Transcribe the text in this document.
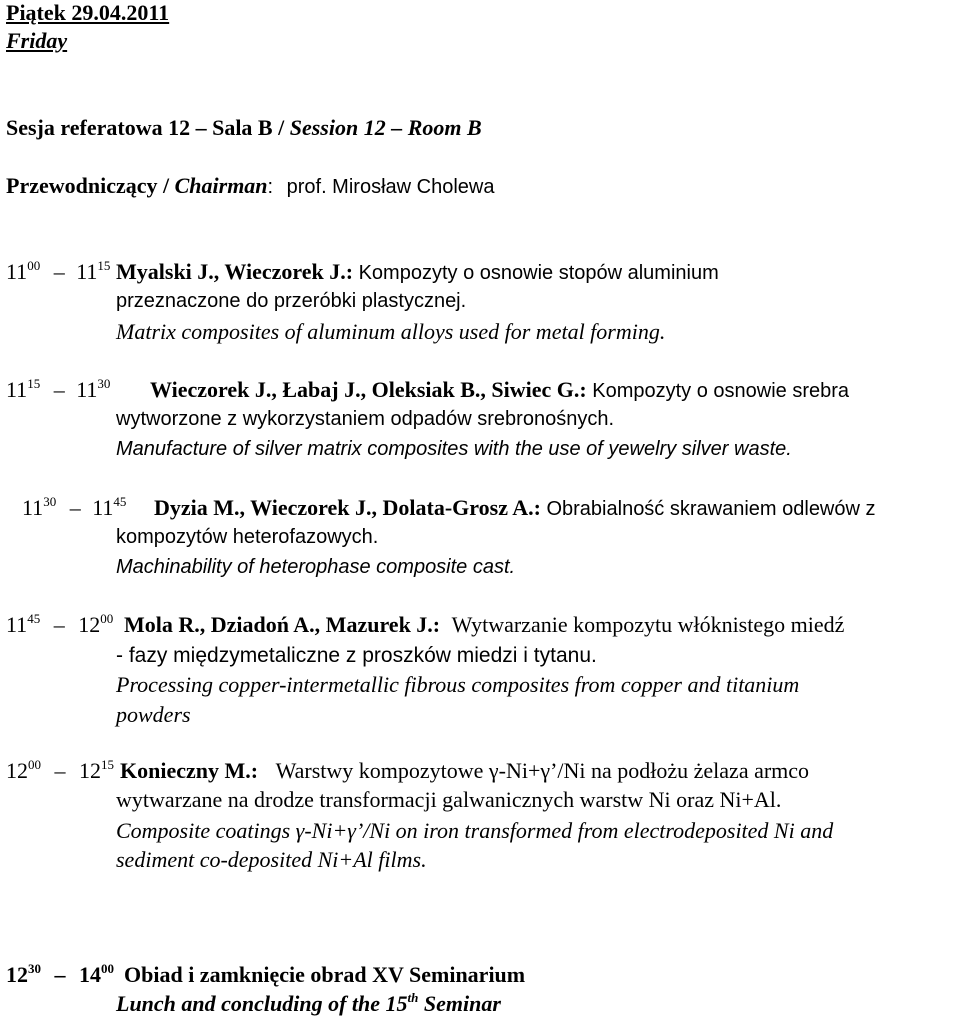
Piątek 29.04.2011
Friday
Sesja referatowa 12 – Sala B / Session 12 – Room B
Przewodniczący / Chairman: prof. Mirosław Cholewa
$11^{00} - 11^{15}$ Myalski J., Wieczorek J.: Kompozyty o osnowie stopów aluminium
przeznaczone do przeróbki plastycznej.
Matrix composites of aluminum alloys used for metal forming.
$11^{15} - 11^{30}$ Wieczorek J., Łabaj J., Oleksiak B., Siwiec G.: Kompozyty o osnowie srebra
wytworzone z wykorzystaniem odpadów srebronośnych.
Manufacture of silver matrix composites with the use of yewelry silver waste.
$11^{30} - 11^{45}$ Dyzia M., Wieczorek J., Dolata-Grosz A.: Obrabialność skrawaniem odlewów z
kompozytów heterofazowych.
Machinability of heterophase composite cast.
$11^{45} - 12^{00}$ Mola R., Dziadoń A., Mazurek J.: Wytwarzanie kompozytu włóknistego miedź
- fazy międzymetaliczne z proszków miedzi i tytanu.
Processing copper-intermetallic fibrous composites from copper and titanium
powders
$12^{00} - 12^{15}$ Konieczny M.: Warstwy kompozytowe γ-Ni+γ’/Ni na podłożu żelaza armco
wytwarzane na drodze transformacji galwanicznych warstw Ni oraz Ni+Al.
Composite coatings γ-Ni+γ’/Ni on iron transformed from electrodeposited Ni and
sediment co-deposited Ni+Al films.
$12^{30} - 14^{00}$ Obiad i zamknięcie obrad XV Seminarium
Lunch and concluding of the 15th Seminar
